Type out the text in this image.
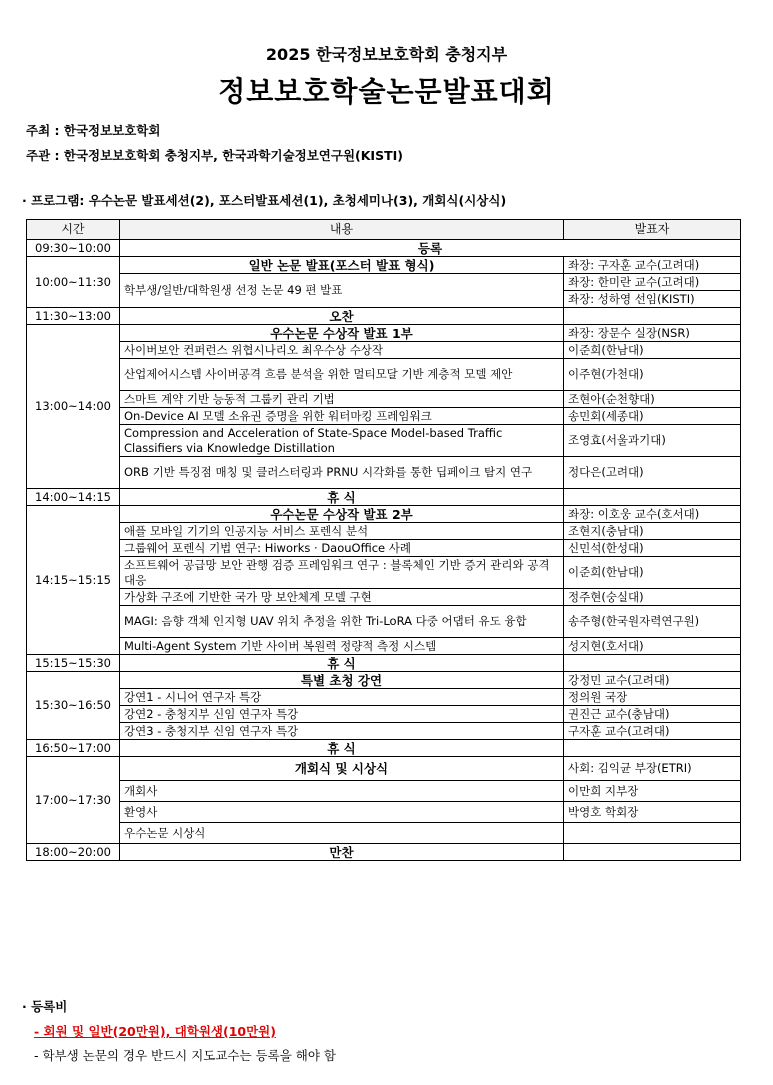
2025 한국정보보호학회 충청지부
정보보호학술논문발표대회
주최 : 한국정보보호학회
주관 : 한국정보보호학회 충청지부, 한국과학기술정보연구원(KISTI)
· 프로그램: 우수논문 발표세션(2), 포스터발표세션(1), 초청세미나(3), 개회식(시상식)
시간	내용	발표자
09:30~10:00	등록	
10:00~11:30	일반 논문 발표(포스터 발표 형식)	좌장: 구자훈 교수(고려대)
	학부생/일반/대학원생 선정 논문 49 편 발표	좌장: 한미란 교수(고려대)
		좌장: 성하영 선임(KISTI)
11:30~13:00	오찬	
13:00~14:00	우수논문 수상작 발표 1부	좌장: 장문수 실장(NSR)
	사이버보안 컨퍼런스 위협시나리오 최우수상 수상작	이준희(한남대)
	산업제어시스템 사이버공격 흐름 분석을 위한 멀티모달 기반 계층적 모델 제안	이주현(가천대)
	스마트 계약 기반 능동적 그룹키 관리 기법	조현아(순천향대)
	On-Device AI 모델 소유권 증명을 위한 워터마킹 프레임워크	송민회(세종대)
	Compression and Acceleration of State-Space Model-based Traffic Classifiers via Knowledge Distillation	조영효(서울과기대)
	ORB 기반 특징점 매칭 및 클러스터링과 PRNU 시각화를 통한 딥페이크 탐지 연구	정다은(고려대)
14:00~14:15	휴 식	
14:15~15:15	우수논문 수상작 발표 2부	좌장: 이호웅 교수(호서대)
	애플 모바일 기기의 인공지능 서비스 포렌식 분석	조현지(충남대)
	그룹웨어 포렌식 기법 연구: Hiworks · DaouOffice 사례	신민석(한성대)
	소프트웨어 공급망 보안 관행 검증 프레임워크 연구 : 블록체인 기반 증거 관리와 공격 대응	이준희(한남대)
	가상화 구조에 기반한 국가 망 보안체계 모델 구현	정주현(숭실대)
	MAGI: 음향 객체 인지형 UAV 위치 추정을 위한 Tri-LoRA 다중 어댑터 유도 융합	송주형(한국원자력연구원)
	Multi-Agent System 기반 사이버 복원력 정량적 측정 시스템	성지현(호서대)
15:15~15:30	휴 식	
15:30~16:50	특별 초청 강연	강정민 교수(고려대)
	강연1 - 시니어 연구자 특강	정의원 국장
	강연2 - 충청지부 신임 연구자 특강	권진근 교수(충남대)
	강연3 - 충청지부 신임 연구자 특강	구자훈 교수(고려대)
16:50~17:00	휴 식	
17:00~17:30	개회식 및 시상식	사회: 김익균 부장(ETRI)
	개회사	이만희 지부장
	환영사	박영호 학회장
	우수논문 시상식	
18:00~20:00	만찬	
· 등록비
- 회원 및 일반(20만원), 대학원생(10만원)
- 학부생 논문의 경우 반드시 지도교수는 등록을 해야 함
